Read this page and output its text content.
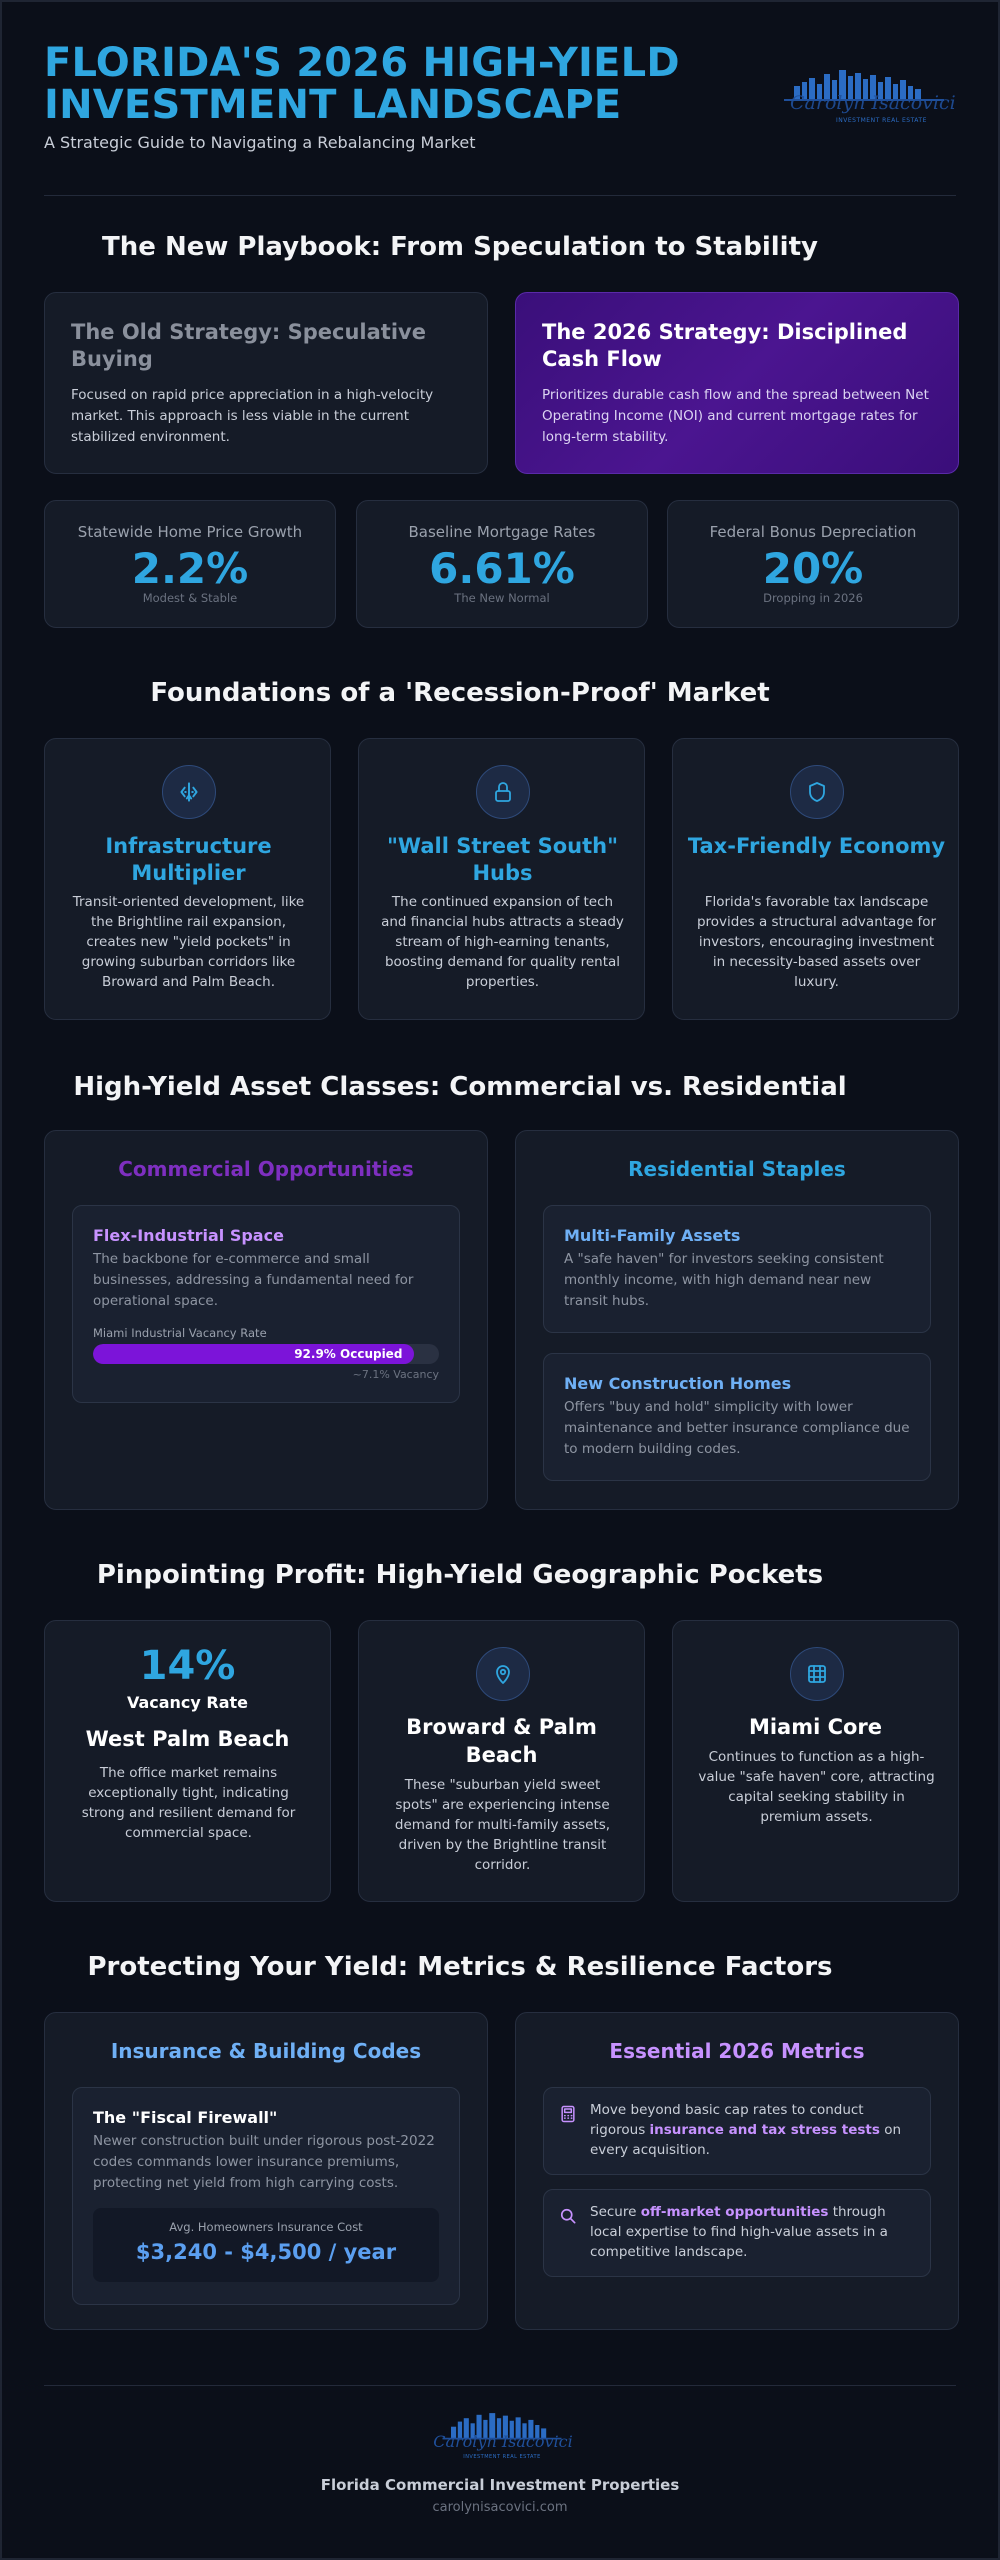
FLORIDA'S 2026 HIGH-YIELD
INVESTMENT LANDSCAPE

A Strategic Guide to Navigating a Rebalancing Market

Carolyn Isacovici
INVESTMENT REAL ESTATE
The New Playbook: From Speculation to Stability
The Old Strategy: Speculative Buying

Focused on rapid price appreciation in a high-velocity market. This approach is less viable in the current stabilized environment.

The 2026 Strategy: Disciplined Cash Flow

Prioritizes durable cash flow and the spread between Net Operating Income (NOI) and current mortgage rates for long-term stability.

Statewide Home Price Growth
2.2%
Modest & Stable
Baseline Mortgage Rates
6.61%
The New Normal
Federal Bonus Depreciation
20%
Dropping in 2026
Foundations of a 'Recession-Proof' Market
Infrastructure Multiplier
Transit-oriented development, like the Brightline rail expansion, creates new "yield pockets" in growing suburban corridors like Broward and Palm Beach.
"Wall Street South" Hubs
The continued expansion of tech and financial hubs attracts a steady stream of high-earning tenants, boosting demand for quality rental properties.
Tax-Friendly Economy
Florida's favorable tax landscape provides a structural advantage for investors, encouraging investment in necessity-based assets over luxury.
High-Yield Asset Classes: Commercial vs. Residential
Commercial Opportunities
Flex-Industrial Space
The backbone for e-commerce and small businesses, addressing a fundamental need for operational space.
Miami Industrial Vacancy Rate
92.9% Occupied
~7.1% Vacancy
Residential Staples
Multi-Family Assets
A "safe haven" for investors seeking consistent monthly income, with high demand near new transit hubs.
New Construction Homes
Offers "buy and hold" simplicity with lower maintenance and better insurance compliance due to modern building codes.
Pinpointing Profit: High-Yield Geographic Pockets
14%
Vacancy Rate
West Palm Beach
The office market remains exceptionally tight, indicating strong and resilient demand for commercial space.
Broward & Palm Beach
These "suburban yield sweet spots" are experiencing intense demand for multi-family assets, driven by the Brightline transit corridor.
Miami Core
Continues to function as a high-value "safe haven" core, attracting capital seeking stability in premium assets.
Protecting Your Yield: Metrics & Resilience Factors
Insurance & Building Codes
The "Fiscal Firewall"
Newer construction built under rigorous post-2022 codes commands lower insurance premiums, protecting net yield from high carrying costs.
Avg. Homeowners Insurance Cost
$3,240 - $4,500 / year
Essential 2026 Metrics
Move beyond basic cap rates to conduct rigorous insurance and tax stress tests on every acquisition.
Secure off-market opportunities through local expertise to find high-value assets in a competitive landscape.
Carolyn Isacovici
INVESTMENT REAL ESTATE
Florida Commercial Investment Properties
carolynisacovici.com
